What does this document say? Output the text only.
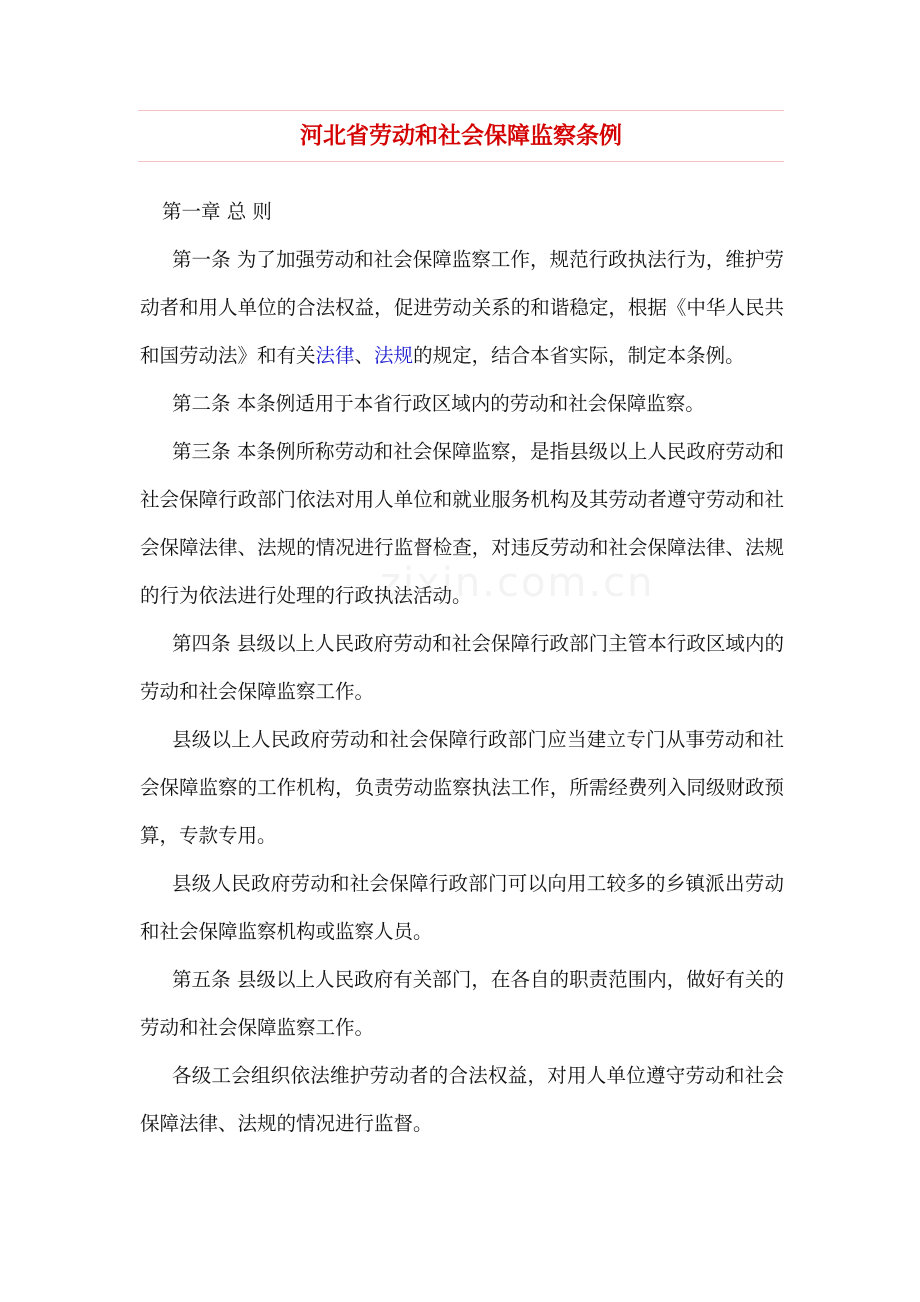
河北省劳动和社会保障监察条例
zixin.com.cn

第一章 总 则

第一条 为了加强劳动和社会保障监察工作，规范行政执法行为，维护劳动者和用人单位的合法权益，促进劳动关系的和谐稳定，根据《中华人民共和国劳动法》和有关法律、法规的规定，结合本省实际，制定本条例。

第二条 本条例适用于本省行政区域内的劳动和社会保障监察。

第三条 本条例所称劳动和社会保障监察，是指县级以上人民政府劳动和社会保障行政部门依法对用人单位和就业服务机构及其劳动者遵守劳动和社会保障法律、法规的情况进行监督检查，对违反劳动和社会保障法律、法规的行为依法进行处理的行政执法活动。

第四条 县级以上人民政府劳动和社会保障行政部门主管本行政区域内的劳动和社会保障监察工作。

县级以上人民政府劳动和社会保障行政部门应当建立专门从事劳动和社会保障监察的工作机构，负责劳动监察执法工作，所需经费列入同级财政预算，专款专用。

县级人民政府劳动和社会保障行政部门可以向用工较多的乡镇派出劳动和社会保障监察机构或监察人员。

第五条 县级以上人民政府有关部门，在各自的职责范围内，做好有关的劳动和社会保障监察工作。

各级工会组织依法维护劳动者的合法权益，对用人单位遵守劳动和社会保障法律、法规的情况进行监督。
